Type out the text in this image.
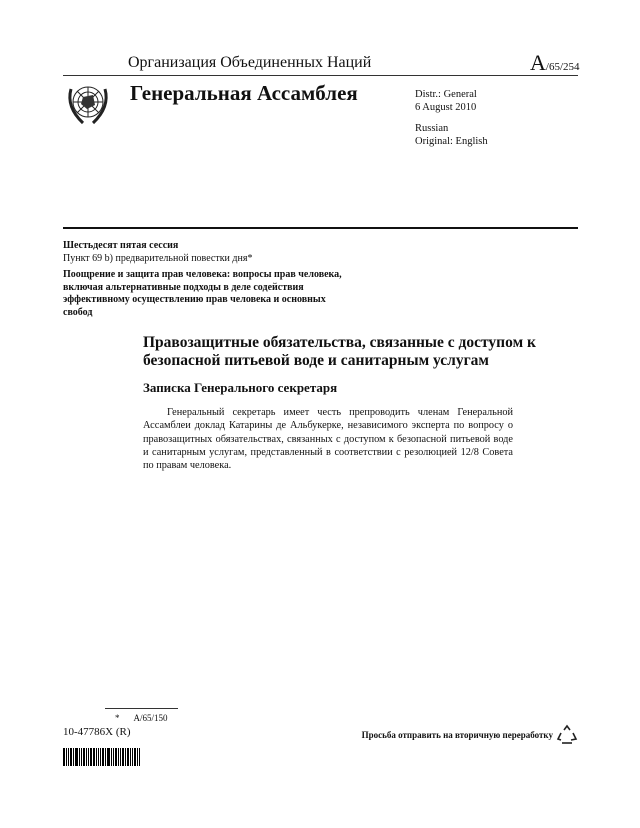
Организация Объединенных Наций	A/65/254
Генеральная Ассамблея	Distr.: General
6 August 2010
Russian
Original: English
Шестьдесят пятая сессия
Пункт 69 b) предварительной повестки дня*
Поощрение и защита прав человека: вопросы прав человека, включая альтернативные подходы в деле содействия эффективному осуществлению прав человека и основных свобод
Правозащитные обязательства, связанные с доступом к безопасной питьевой воде и санитарным услугам
Записка Генерального секретаря
Генеральный секретарь имеет честь препроводить членам Генеральной Ассамблеи доклад Катарины де Альбукерке, независимого эксперта по вопросу о правозащитных обязательствах, связанных с доступом к безопасной питьевой воде и санитарным услугам, представленный в соответствии с резолюцией 12/8 Совета по правам человека.
* A/65/150
10-47786X (R)	Просьба отправить на вторичную переработку
